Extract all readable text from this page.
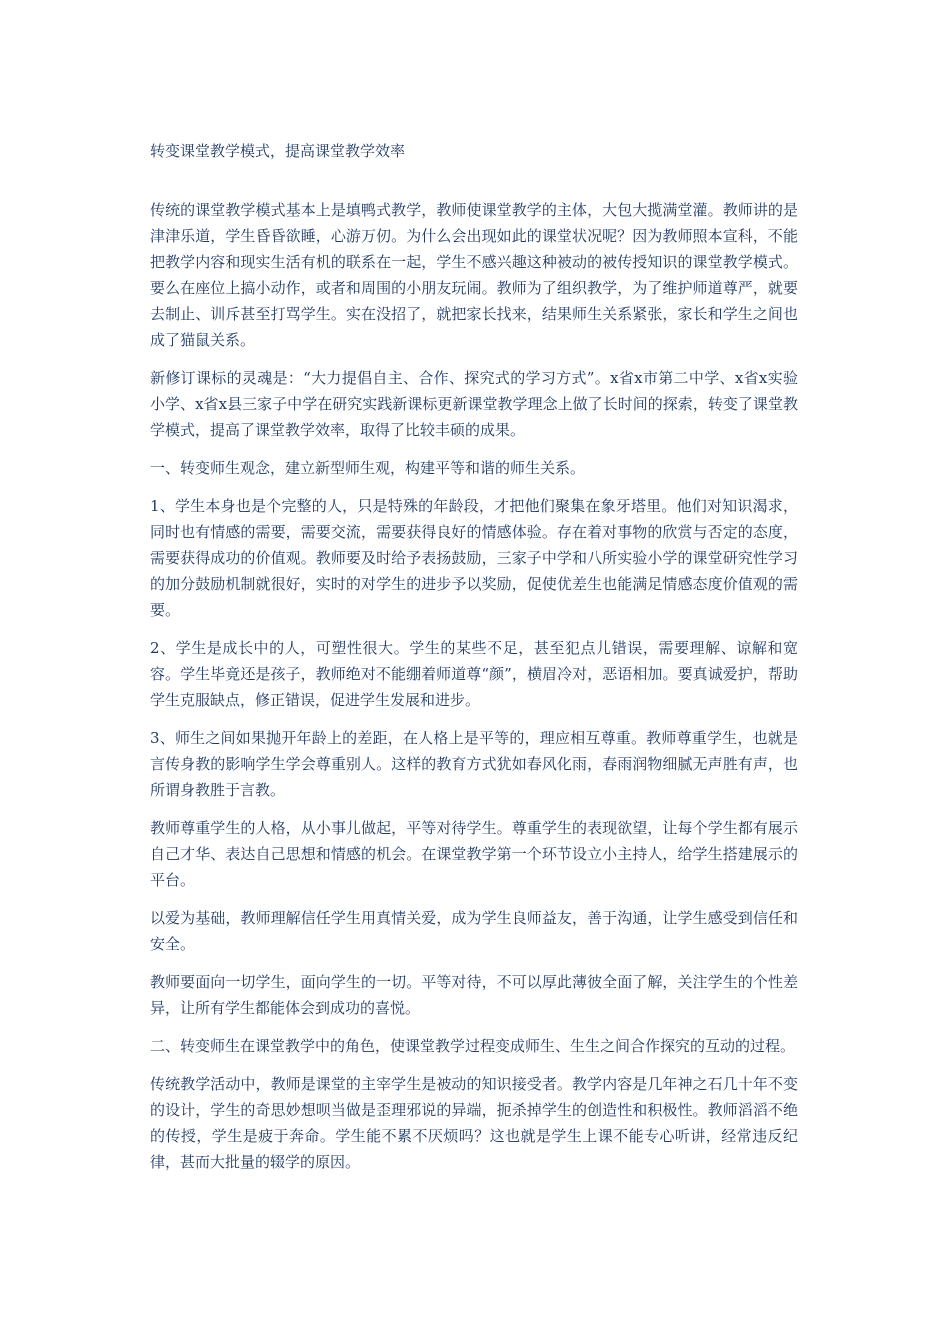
转变课堂教学模式，提高课堂教学效率

传统的课堂教学模式基本上是填鸭式教学，教师使课堂教学的主体，大包大揽满堂灌。教师讲的是津津乐道，学生昏昏欲睡，心游万仞。为什么会出现如此的课堂状况呢？因为教师照本宣科，不能把教学内容和现实生活有机的联系在一起，学生不感兴趣这种被动的被传授知识的课堂教学模式。要么在座位上搞小动作，或者和周围的小朋友玩闹。教师为了组织教学，为了维护师道尊严，就要去制止、训斥甚至打骂学生。实在没招了，就把家长找来，结果师生关系紧张，家长和学生之间也成了猫鼠关系。

新修订课标的灵魂是：“大力提倡自主、合作、探究式的学习方式”。x省x市第二中学、x省x实验小学、x省x县三家子中学在研究实践新课标更新课堂教学理念上做了长时间的探索，转变了课堂教学模式，提高了课堂教学效率，取得了比较丰硕的成果。

一、转变师生观念，建立新型师生观，构建平等和谐的师生关系。

1、学生本身也是个完整的人，只是特殊的年龄段，才把他们聚集在象牙塔里。他们对知识渴求，同时也有情感的需要，需要交流，需要获得良好的情感体验。存在着对事物的欣赏与否定的态度，需要获得成功的价值观。教师要及时给予表扬鼓励，三家子中学和八所实验小学的课堂研究性学习的加分鼓励机制就很好，实时的对学生的进步予以奖励，促使优差生也能满足情感态度价值观的需要。

2、学生是成长中的人，可塑性很大。学生的某些不足，甚至犯点儿错误，需要理解、谅解和宽容。学生毕竟还是孩子，教师绝对不能绷着师道尊“颜”，横眉冷对，恶语相加。要真诚爱护，帮助学生克服缺点，修正错误，促进学生发展和进步。

3、师生之间如果抛开年龄上的差距，在人格上是平等的，理应相互尊重。教师尊重学生，也就是言传身教的影响学生学会尊重别人。这样的教育方式犹如春风化雨，春雨润物细腻无声胜有声，也所谓身教胜于言教。

教师尊重学生的人格，从小事儿做起，平等对待学生。尊重学生的表现欲望，让每个学生都有展示自己才华、表达自己思想和情感的机会。在课堂教学第一个环节设立小主持人，给学生搭建展示的平台。

以爱为基础，教师理解信任学生用真情关爱，成为学生良师益友，善于沟通，让学生感受到信任和安全。

教师要面向一切学生，面向学生的一切。平等对待，不可以厚此薄彼全面了解，关注学生的个性差异，让所有学生都能体会到成功的喜悦。

二、转变师生在课堂教学中的角色，使课堂教学过程变成师生、生生之间合作探究的互动的过程。

传统教学活动中，教师是课堂的主宰学生是被动的知识接受者。教学内容是几年神之石几十年不变的设计，学生的奇思妙想呗当做是歪理邪说的异端，扼杀掉学生的创造性和积极性。教师滔滔不绝的传授，学生是疲于奔命。学生能不累不厌烦吗？这也就是学生上课不能专心听讲，经常违反纪律，甚而大批量的辍学的原因。
